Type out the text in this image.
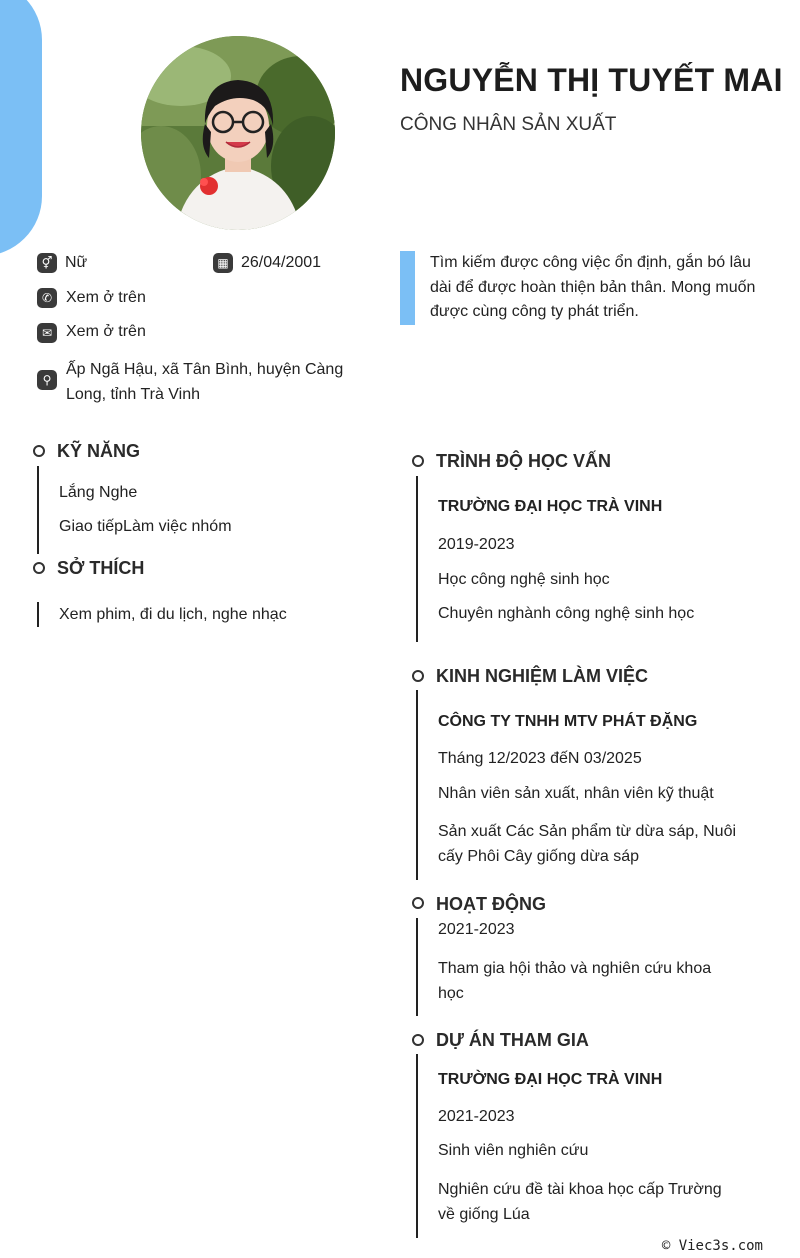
NGUYỄN THỊ TUYẾT MAI
CÔNG NHÂN SẢN XUẤT
⚥ Nữ	▦ 26/04/2001
✆ Xem ở trên
✉ Xem ở trên
⚲
Ấp Ngã Hậu, xã Tân Bình, huyện Càng
Long, tỉnh Trà Vinh
Tìm kiếm được công việc ổn định, gắn bó lâu
dài để được hoàn thiện bản thân. Mong muốn
được cùng công ty phát triển.
KỸ NĂNG
Lắng Nghe
Giao tiếpLàm việc nhóm
SỞ THÍCH
Xem phim, đi du lịch, nghe nhạc
TRÌNH ĐỘ HỌC VẤN
TRƯỜNG ĐẠI HỌC TRÀ VINH
2019-2023
Học công nghệ sinh học
Chuyên nghành công nghệ sinh học
KINH NGHIỆM LÀM VIỆC
CÔNG TY TNHH MTV PHÁT ĐẶNG
Tháng 12/2023 đếN 03/2025
Nhân viên sản xuất, nhân viên kỹ thuật
Sản xuất Các Sản phẩm từ dừa sáp, Nuôi
cấy Phôi Cây giống dừa sáp
HOẠT ĐỘNG
2021-2023
Tham gia hội thảo và nghiên cứu khoa
học
DỰ ÁN THAM GIA
TRƯỜNG ĐẠI HỌC TRÀ VINH
2021-2023
Sinh viên nghiên cứu
Nghiên cứu đề tài khoa học cấp Trường
về giống Lúa
© Viec3s.com
